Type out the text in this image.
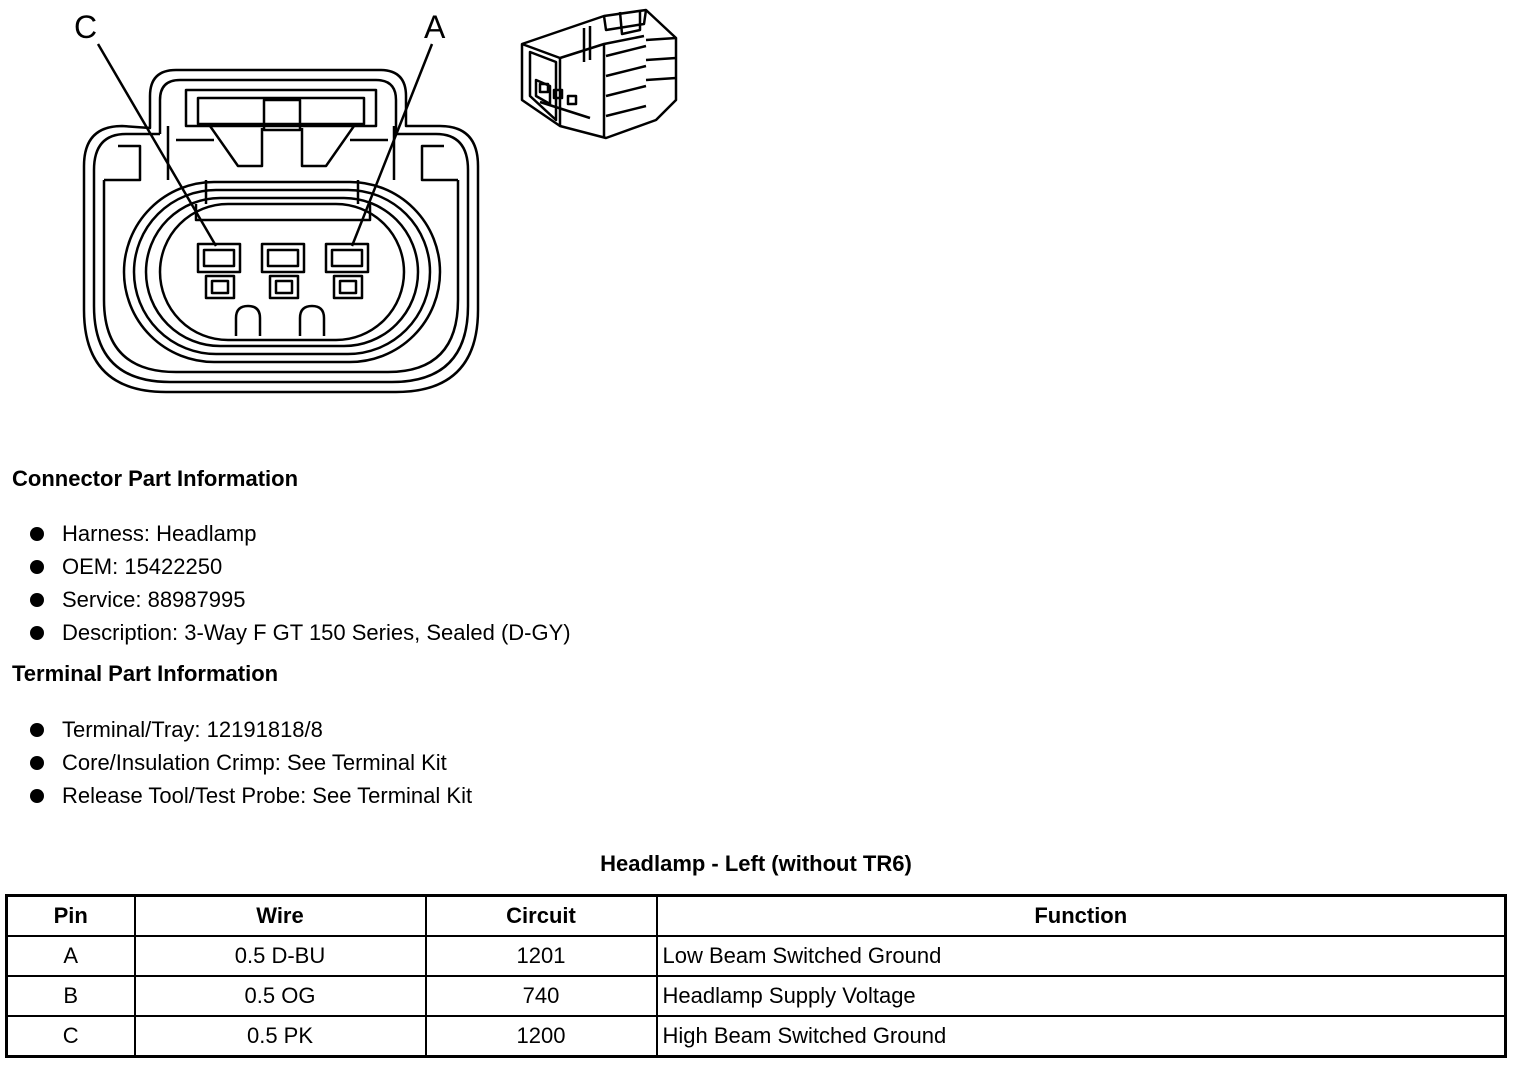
C	A
Connector Part Information
Harness: Headlamp
OEM: 15422250
Service: 88987995
Description: 3-Way F GT 150 Series, Sealed (D-GY)
Terminal Part Information
Terminal/Tray: 12191818/8
Core/Insulation Crimp: See Terminal Kit
Release Tool/Test Probe: See Terminal Kit
Headlamp - Left (without TR6)
Pin	Wire	Circuit	Function
A	0.5 D-BU	1201	Low Beam Switched Ground
B	0.5 OG	740	Headlamp Supply Voltage
C	0.5 PK	1200	High Beam Switched Ground
